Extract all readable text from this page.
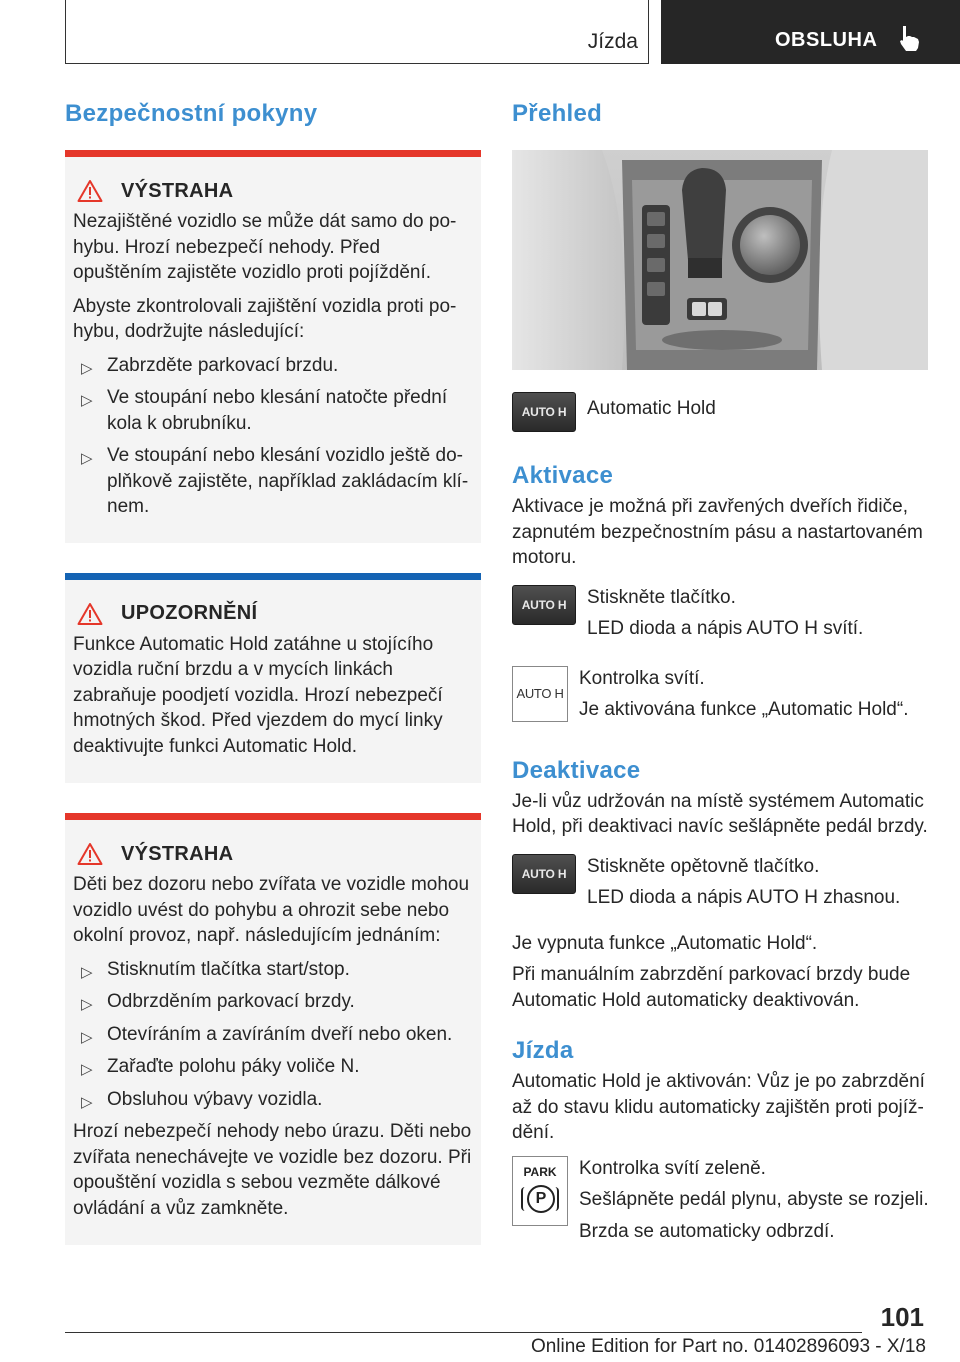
Jízda	OBSLUHA
Bezpečnostní pokyny
VÝSTRAHA

Nezajištěné vozidlo se může dát samo do pohybu. Hrozí nebezpečí nehody. Před opuštěním zajistěte vozidlo proti pojíždění.

Abyste zkontrolovali zajištění vozidla proti pohybu, dodržujte následující:

▷ Zabrzděte parkovací brzdu.
▷ Ve stoupání nebo klesání natočte přední kola k obrubníku.
▷ Ve stoupání nebo klesání vozidlo ještě doplňkově zajistěte, například zakládacím klínem.
UPOZORNĚNÍ

Funkce Automatic Hold zatáhne u stojícího vozidla ruční brzdu a v mycích linkách zabraňuje poodjetí vozidla. Hrozí nebezpečí hmotných škod. Před vjezdem do mycí linky deaktivujte funkci Automatic Hold.

VÝSTRAHA

Děti bez dozoru nebo zvířata ve vozidle mohou vozidlo uvést do pohybu a ohrozit sebe nebo okolní provoz, např. následujícím jednáním:

▷ Stisknutím tlačítka start/stop.
▷ Odbrzděním parkovací brzdy.
▷ Otevíráním a zavíráním dveří nebo oken.
▷ Zařaďte polohu páky voliče N.
▷ Obsluhou výbavy vozidla.

Hrozí nebezpečí nehody nebo úrazu. Děti nebo zvířata nenechávejte ve vozidle bez dozoru. Při opouštění vozidla s sebou vezměte dálkové ovládání a vůz zamkněte.

Přehled
AUTO H	Automatic Hold
Aktivace

Aktivace je možná při zavřených dveřích řidiče, zapnutém bezpečnostním pásu a nastartovaném motoru.

AUTO H Stiskněte tlačítko.

LED dioda a nápis AUTO H svítí.

AUTO H

Kontrolka svítí.

Je aktivována funkce „Automatic Hold“.

Deaktivace

Je-li vůz udržován na místě systémem Automatic Hold, při deaktivaci navíc sešlápněte pedál brzdy.

AUTO H Stiskněte opětovně tlačítko.

LED dioda a nápis AUTO H zhasnou.

Je vypnuta funkce „Automatic Hold“.

Při manuálním zabrzdění parkovací brzdy bude Automatic Hold automaticky deaktivován.

Jízda

Automatic Hold je aktivován: Vůz je po zabrzdění až do stavu klidu automaticky zajištěn proti pojíždění.

PARK
P

Kontrolka svítí zeleně.

Sešlápněte pedál plynu, abyste se rozjeli.

Brzda se automaticky odbrzdí.

101
Online Edition for Part no. 01402896093 - X/18
